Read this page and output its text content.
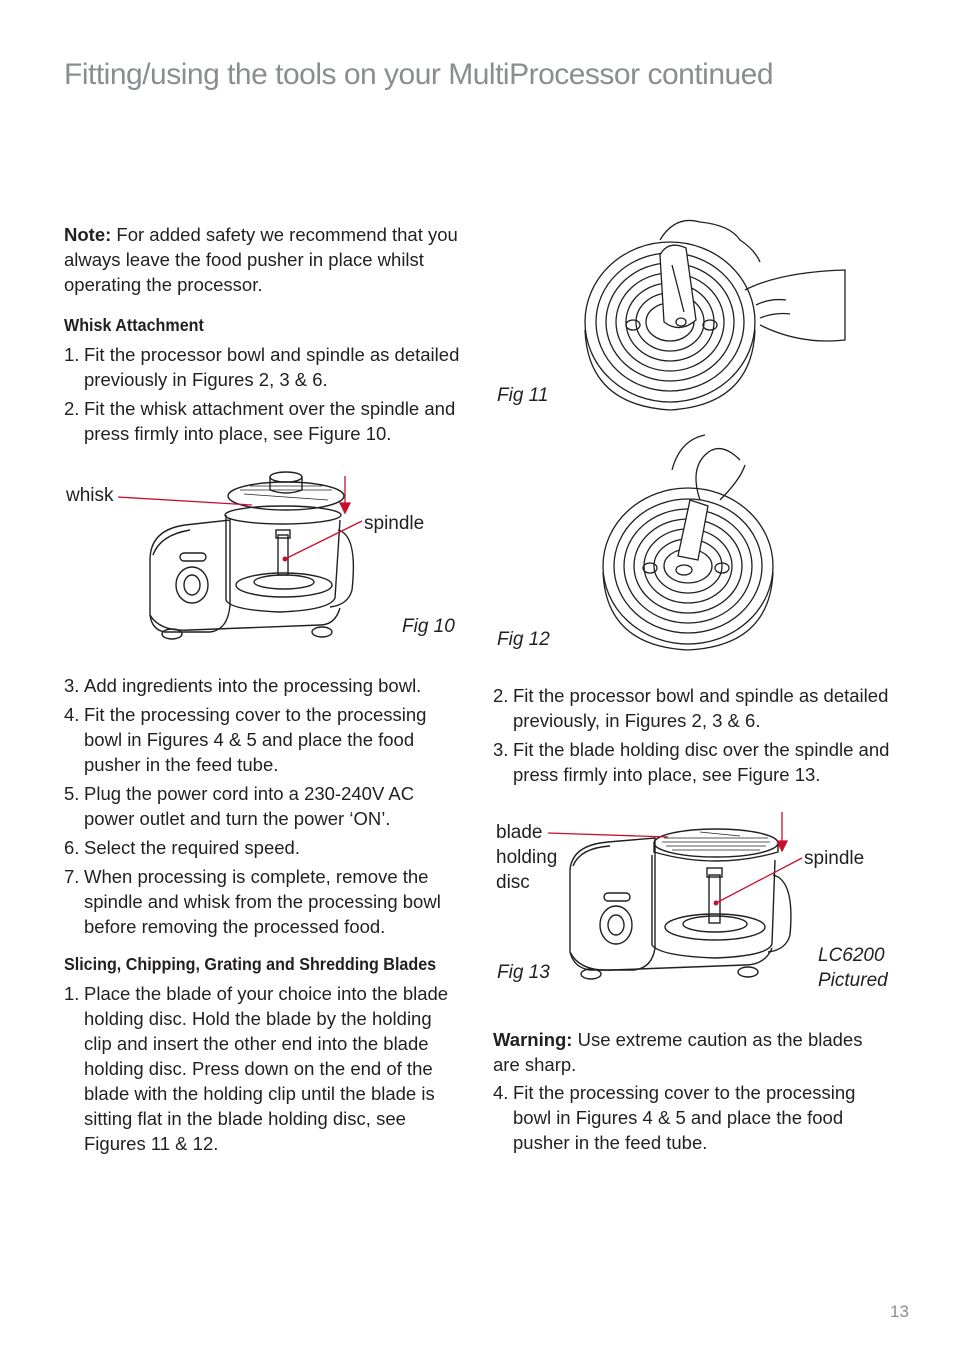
Fitting/using the tools on your MultiProcessor continued
Note: For added safety we recommend that you always leave the food pusher in place whilst operating the processor.
Whisk Attachment
1. Fit the processor bowl and spindle as detailed previously in Figures 2, 3 & 6.
2. Fit the whisk attachment over the spindle and press firmly into place, see Figure 10.
whisk
spindle
Fig 10
3. Add ingredients into the processing bowl.
4. Fit the processing cover to the processing bowl in Figures 4 & 5 and place the food pusher in the feed tube.
5. Plug the power cord into a 230-240V AC power outlet and turn the power ‘ON’.
6. Select the required speed.
7. When processing is complete, remove the spindle and whisk from the processing bowl before removing the processed food.
Slicing, Chipping, Grating and Shredding Blades
1. Place the blade of your choice into the blade holding disc. Hold the blade by the holding clip and insert the other end into the blade holding disc. Press down on the end of the blade with the holding clip until the blade is sitting flat in the blade holding disc, see Figures 11 & 12.
Fig 11
Fig 12
2. Fit the processor bowl and spindle as detailed previously, in Figures 2, 3 & 6.
3. Fit the blade holding disc over the spindle and press firmly into place, see Figure 13.
blade
holding
disc
spindle
Fig 13
LC6200
Pictured
Warning: Use extreme caution as the blades are sharp.
4. Fit the processing cover to the processing bowl in Figures 4 & 5 and place the food pusher in the feed tube.
13
